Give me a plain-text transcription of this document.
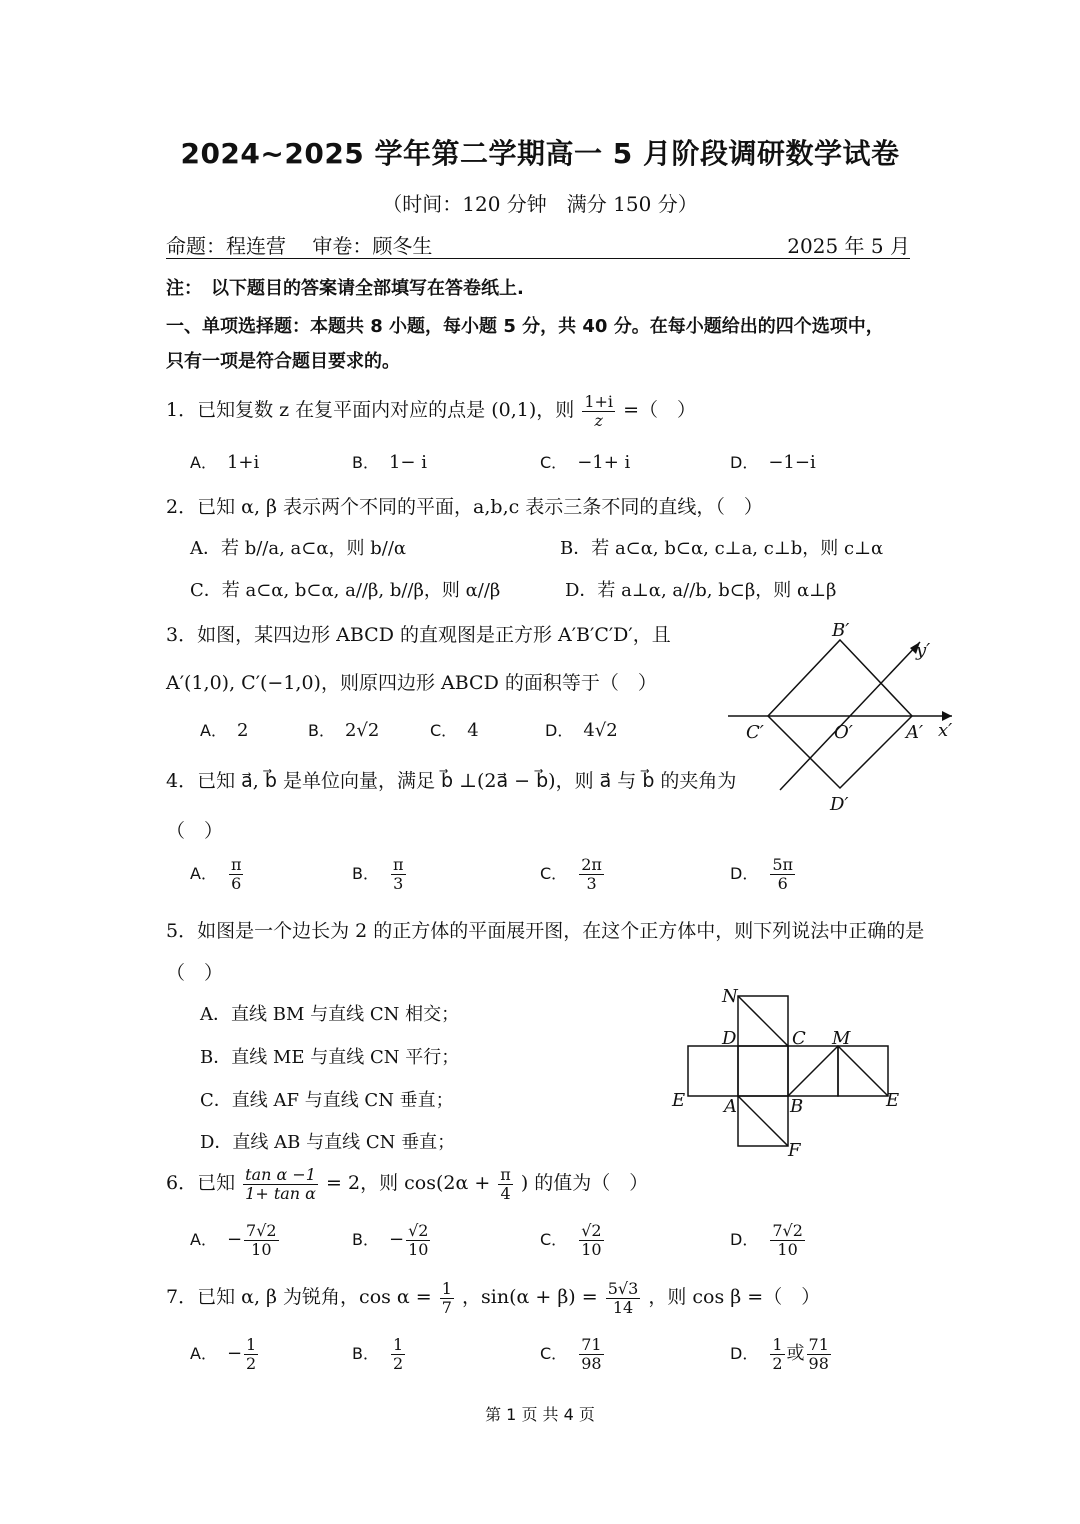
2024~2025 学年第二学期高一 5 月阶段调研数学试卷
（时间：120 分钟　满分 150 分）
命题：程连营　 审卷：顾冬生	2025 年 5 月
注：　以下题目的答案请全部填写在答卷纸上.
一、单项选择题：本题共 8 小题，每小题 5 分，共 40 分。在每小题给出的四个选项中，
只有一项是符合题目要求的。
1．已知复数 z 在复平面内对应的点是 (0,1)，则 $\frac{1+i}{z}$ =（　）
A． 1+i	B． 1− i	C． −1+ i	D． −1−i
2．已知 α, β 表示两个不同的平面，a,b,c 表示三条不同的直线，（　）
A．若 b//a, a⊂α，则 b//α	B．若 a⊂α, b⊂α, c⊥a, c⊥b，则 c⊥α
C．若 a⊂α, b⊂α, a//β, b//β，则 α//β	D．若 a⊥α, a//b, b⊂β，则 α⊥β
3．如图，某四边形 ABCD 的直观图是正方形 A′B′C′D′，且
A′(1,0), C′(−1,0)，则原四边形 ABCD 的面积等于（　）
A． 2	B． 2√2	C． 4	D． 4√2
B′
y′
C′	O′	A′ x′
D′
4．已知 a⃗, b⃗ 是单位向量，满足 b⃗ ⊥(2a⃗ − b⃗)，则 a⃗ 与 b⃗ 的夹角为
（　）
A． $\frac{\pi}{6}$	B． $\frac{\pi}{3}$	C． $\frac{2\pi}{3}$	D． $\frac{5\pi}{6}$
5．如图是一个边长为 2 的正方体的平面展开图，在这个正方体中，则下列说法中正确的是
（　）
A．直线 BM 与直线 CN 相交；
B．直线 ME 与直线 CN 平行；
C．直线 AF 与直线 CN 垂直；
D．直线 AB 与直线 CN 垂直；
N
D	C M
E A	B	E
F
6．已知 $\frac{\text{tan α −1}}{\text{1+ tan α}} = 2$，则 $\cos(2\alpha + \frac{\pi}{4}$ ) 的值为（　）
A． − $\frac{7√2}{10}$	B． − $\frac{√2}{10}$	C． $\frac{√2}{10}$	D． $\frac{7√2}{10}$
7．已知 α, β 为锐角，$\cos \alpha = \frac{1}{7}$ ，$\sin(\alpha + \beta) = \frac{5√3}{14}$ ，则 cos β =（　）
A． − $\frac{1}{2}$	B． $\frac{1}{2}$	C． $\frac{71}{98}$	D． $\frac{1}{2}$ 或 $\frac{71}{98}$
第 1 页 共 4 页
